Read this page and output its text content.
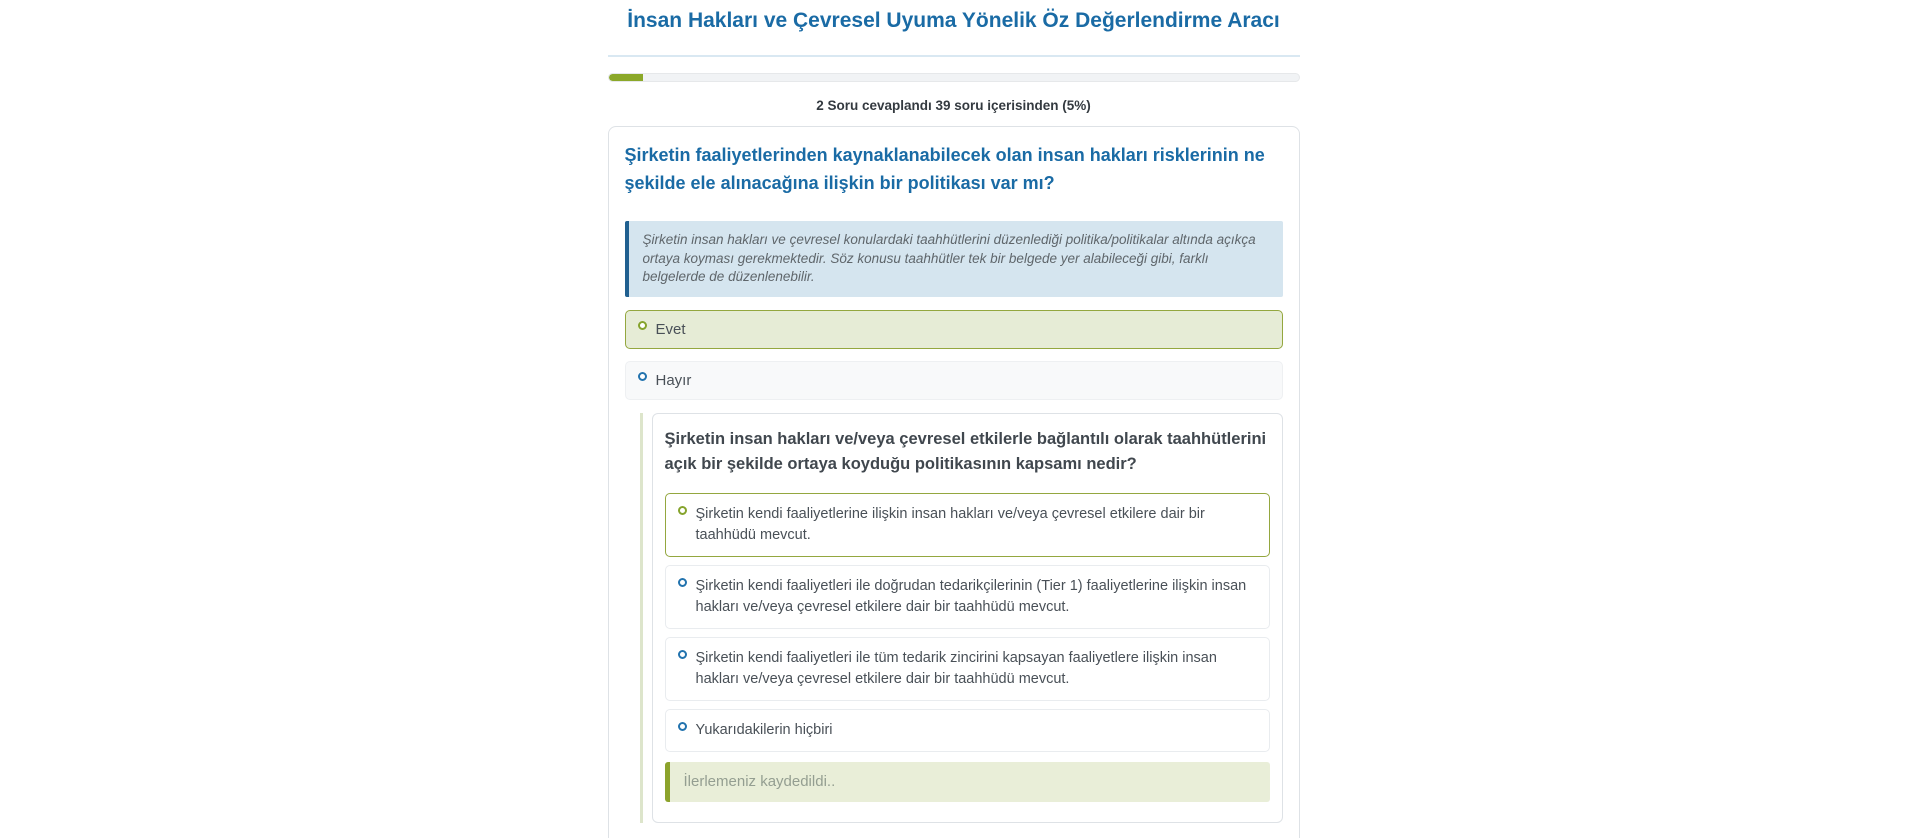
İnsan Hakları ve Çevresel Uyuma Yönelik Öz Değerlendirme Aracı
2 Soru cevaplandı 39 soru içerisinden (5%)
Şirketin faaliyetlerinden kaynaklanabilecek olan insan hakları risklerinin ne şekilde ele alınacağına ilişkin bir politikası var mı?
Şirketin insan hakları ve çevresel konulardaki taahhütlerini düzenlediği politika/politikalar altında açıkça ortaya koyması gerekmektedir. Söz konusu taahhütler tek bir belgede yer alabileceği gibi, farklı belgelerde de düzenlenebilir.
Evet
Hayır
Şirketin insan hakları ve/veya çevresel etkilerle bağlantılı olarak taahhütlerini açık bir şekilde ortaya koyduğu politikasının kapsamı nedir?
Şirketin kendi faaliyetlerine ilişkin insan hakları ve/veya çevresel etkilere dair bir taahhüdü mevcut.
Şirketin kendi faaliyetleri ile doğrudan tedarikçilerinin (Tier 1) faaliyetlerine ilişkin insan hakları ve/veya çevresel etkilere dair bir taahhüdü mevcut.
Şirketin kendi faaliyetleri ile tüm tedarik zincirini kapsayan faaliyetlere ilişkin insan hakları ve/veya çevresel etkilere dair bir taahhüdü mevcut.
Yukarıdakilerin hiçbiri
İlerlemeniz kaydedildi..
